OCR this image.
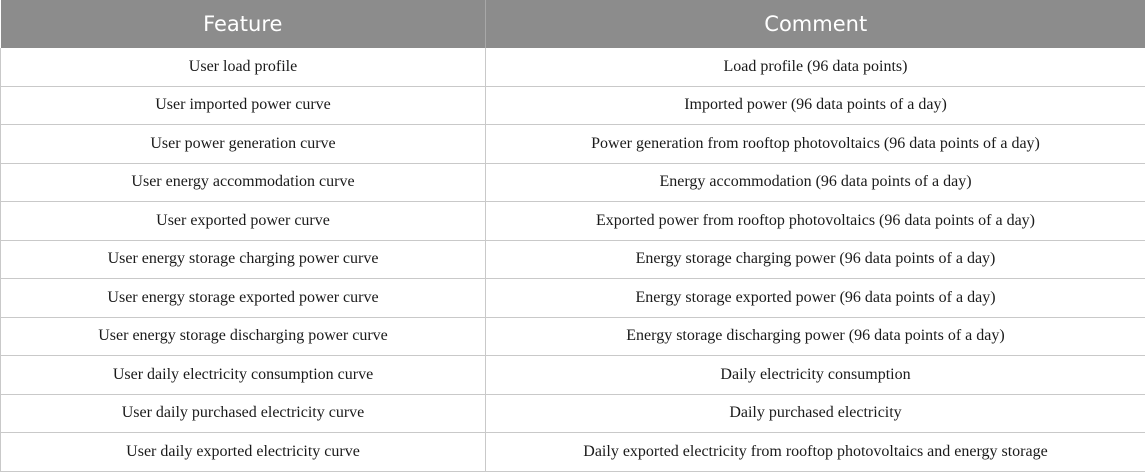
Feature	Comment
User load profile	Load profile (96 data points)
User imported power curve	Imported power (96 data points of a day)
User power generation curve	Power generation from rooftop photovoltaics (96 data points of a day)
User energy accommodation curve	Energy accommodation (96 data points of a day)
User exported power curve	Exported power from rooftop photovoltaics (96 data points of a day)
User energy storage charging power curve	Energy storage charging power (96 data points of a day)
User energy storage exported power curve	Energy storage exported power (96 data points of a day)
User energy storage discharging power curve	Energy storage discharging power (96 data points of a day)
User daily electricity consumption curve	Daily electricity consumption
User daily purchased electricity curve	Daily purchased electricity
User daily exported electricity curve	Daily exported electricity from rooftop photovoltaics and energy storage
